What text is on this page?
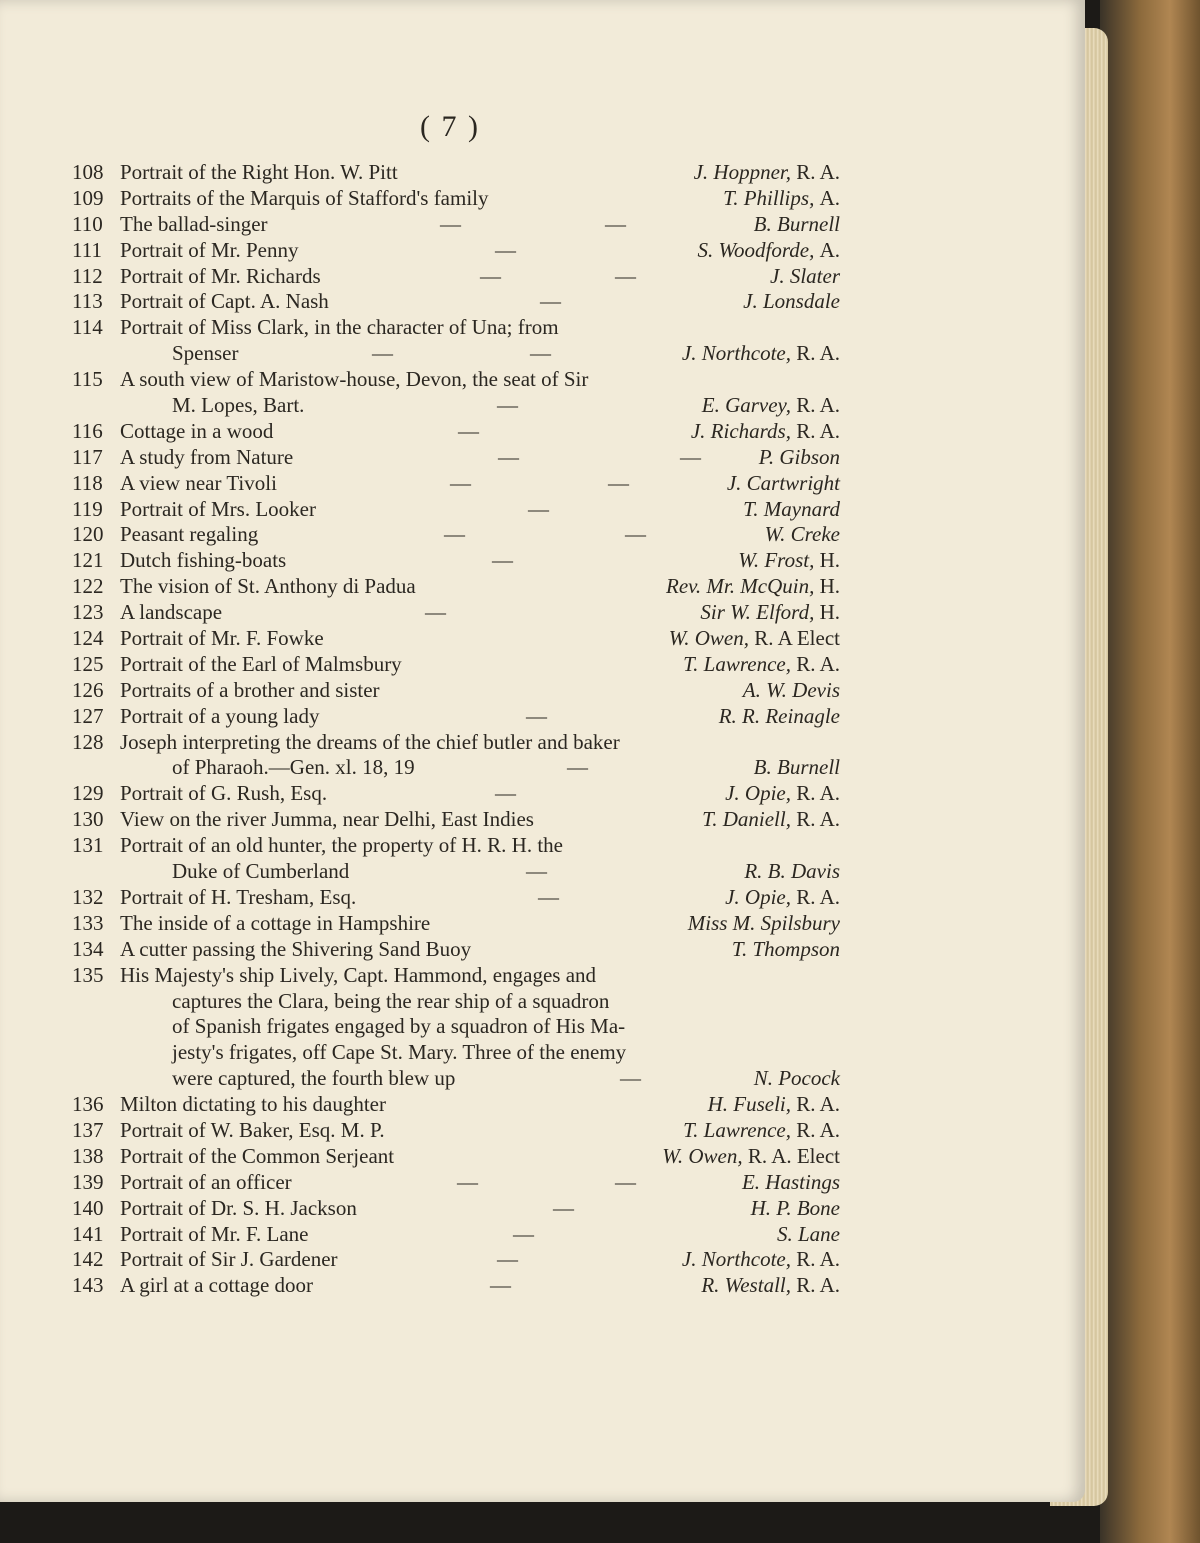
( 7 )
108 Portrait of the Right Hon. W. Pitt	J. Hoppner, R. A.
109 Portraits of the Marquis of Stafford's family	T. Phillips, A.
110 The ballad-singer	—	—	B. Burnell
111 Portrait of Mr. Penny	—	S. Woodforde, A.
112 Portrait of Mr. Richards	—	—	J. Slater
113 Portrait of Capt. A. Nash	—	J. Lonsdale
114 Portrait of Miss Clark, in the character of Una; from
Spenser	—	—	J. Northcote, R. A.
115 A south view of Maristow-house, Devon, the seat of Sir
M. Lopes, Bart.	—	E. Garvey, R. A.
116 Cottage in a wood	—	J. Richards, R. A.
117 A study from Nature	—	—	P. Gibson
118 A view near Tivoli	—	—	J. Cartwright
119 Portrait of Mrs. Looker	—	T. Maynard
120 Peasant regaling	—	—	W. Creke
121 Dutch fishing-boats	—	W. Frost, H.
122 The vision of St. Anthony di Padua	Rev. Mr. McQuin, H.
123 A landscape	—	Sir W. Elford, H.
124 Portrait of Mr. F. Fowke	W. Owen, R. A Elect
125 Portrait of the Earl of Malmsbury	T. Lawrence, R. A.
126 Portraits of a brother and sister	A. W. Devis
127 Portrait of a young lady	—	R. R. Reinagle
128 Joseph interpreting the dreams of the chief butler and baker
of Pharaoh.—Gen. xl. 18, 19	—	B. Burnell
129 Portrait of G. Rush, Esq.	—	J. Opie, R. A.
130 View on the river Jumma, near Delhi, East Indies	T. Daniell, R. A.
131 Portrait of an old hunter, the property of H. R. H. the
Duke of Cumberland	—	R. B. Davis
132 Portrait of H. Tresham, Esq.	—	J. Opie, R. A.
133 The inside of a cottage in Hampshire	Miss M. Spilsbury
134 A cutter passing the Shivering Sand Buoy	T. Thompson
135 His Majesty's ship Lively, Capt. Hammond, engages and
captures the Clara, being the rear ship of a squadron
of Spanish frigates engaged by a squadron of His Ma-
jesty's frigates, off Cape St. Mary. Three of the enemy
were captured, the fourth blew up	—	N. Pocock
136 Milton dictating to his daughter	H. Fuseli, R. A.
137 Portrait of W. Baker, Esq. M. P.	T. Lawrence, R. A.
138 Portrait of the Common Serjeant	W. Owen, R. A. Elect
139 Portrait of an officer	—	—	E. Hastings
140 Portrait of Dr. S. H. Jackson	—	H. P. Bone
141 Portrait of Mr. F. Lane	—	S. Lane
142 Portrait of Sir J. Gardener	—	J. Northcote, R. A.
143 A girl at a cottage door	—	R. Westall, R. A.
